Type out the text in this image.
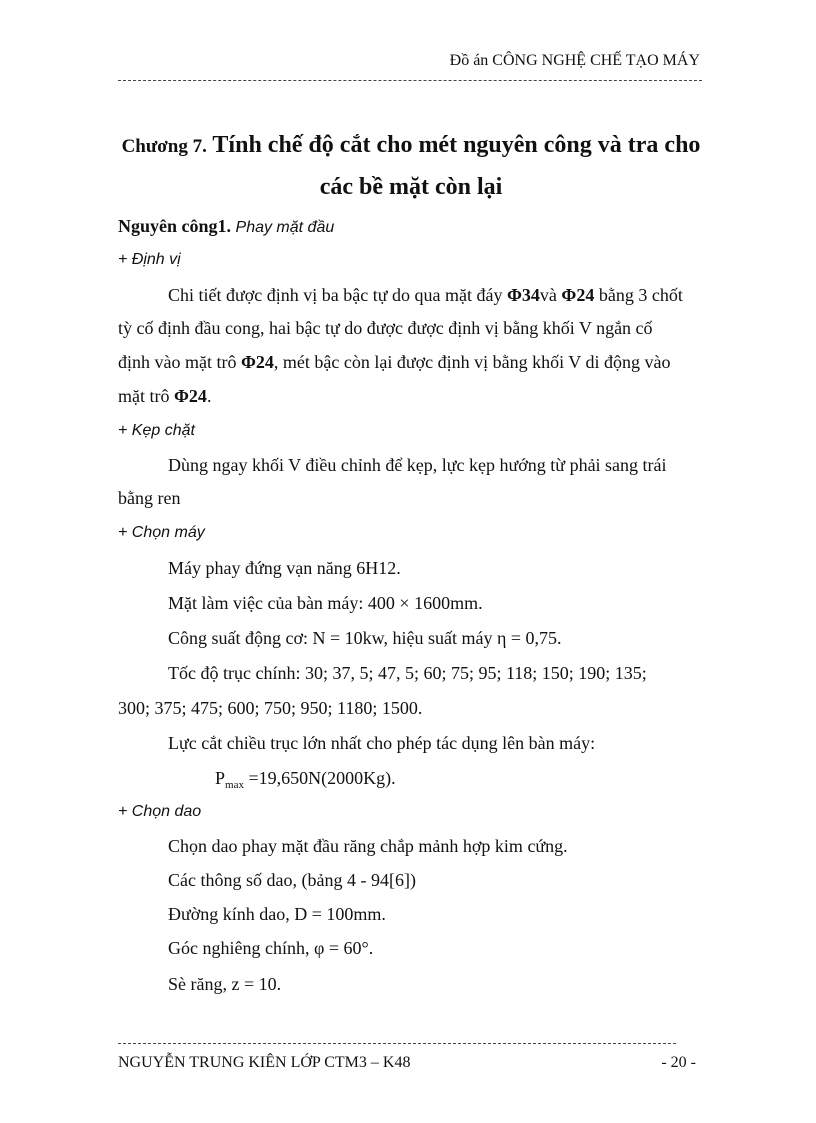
Đồ án CÔNG NGHỆ CHẾ TẠO MÁY
Chương 7. Tính chế độ cắt cho mét nguyên công và tra cho
các bề mặt còn lại
Nguyên công1. Phay mặt đầu
+ Định vị
Chi tiết được định vị ba bậc tự do qua mặt đáy Φ34và Φ24 bằng 3 chốt
tỳ cố định đầu cong, hai bậc tự do được được định vị bằng khối V ngắn cố
định vào mặt trô Φ24, mét bậc còn lại được định vị bằng khối V di động vào
mặt trô Φ24.
+ Kẹp chặt
Dùng ngay khối V điều chỉnh để kẹp, lực kẹp hướng từ phải sang trái
bằng ren
+ Chọn máy
Máy phay đứng vạn năng 6H12.
Mặt làm việc của bàn máy: 400 × 1600mm.
Công suất động cơ: N = 10kw, hiệu suất máy η = 0,75.
Tốc độ trục chính: 30; 37, 5; 47, 5; 60; 75; 95; 118; 150; 190; 135;
300; 375; 475; 600; 750; 950; 1180; 1500.
Lực cắt chiều trục lớn nhất cho phép tác dụng lên bàn máy:
$P_{max} =19,650N(2000Kg)$.
+ Chọn dao
Chọn dao phay mặt đầu răng chắp mảnh hợp kim cứng.
Các thông số dao, (bảng 4 - 94[6])
Đường kính dao, D = 100mm.
Góc nghiêng chính, φ = 60°.
Sè răng, z = 10.
NGUYỄN TRUNG KIÊN LỚP CTM3 – K48	- 20 -
